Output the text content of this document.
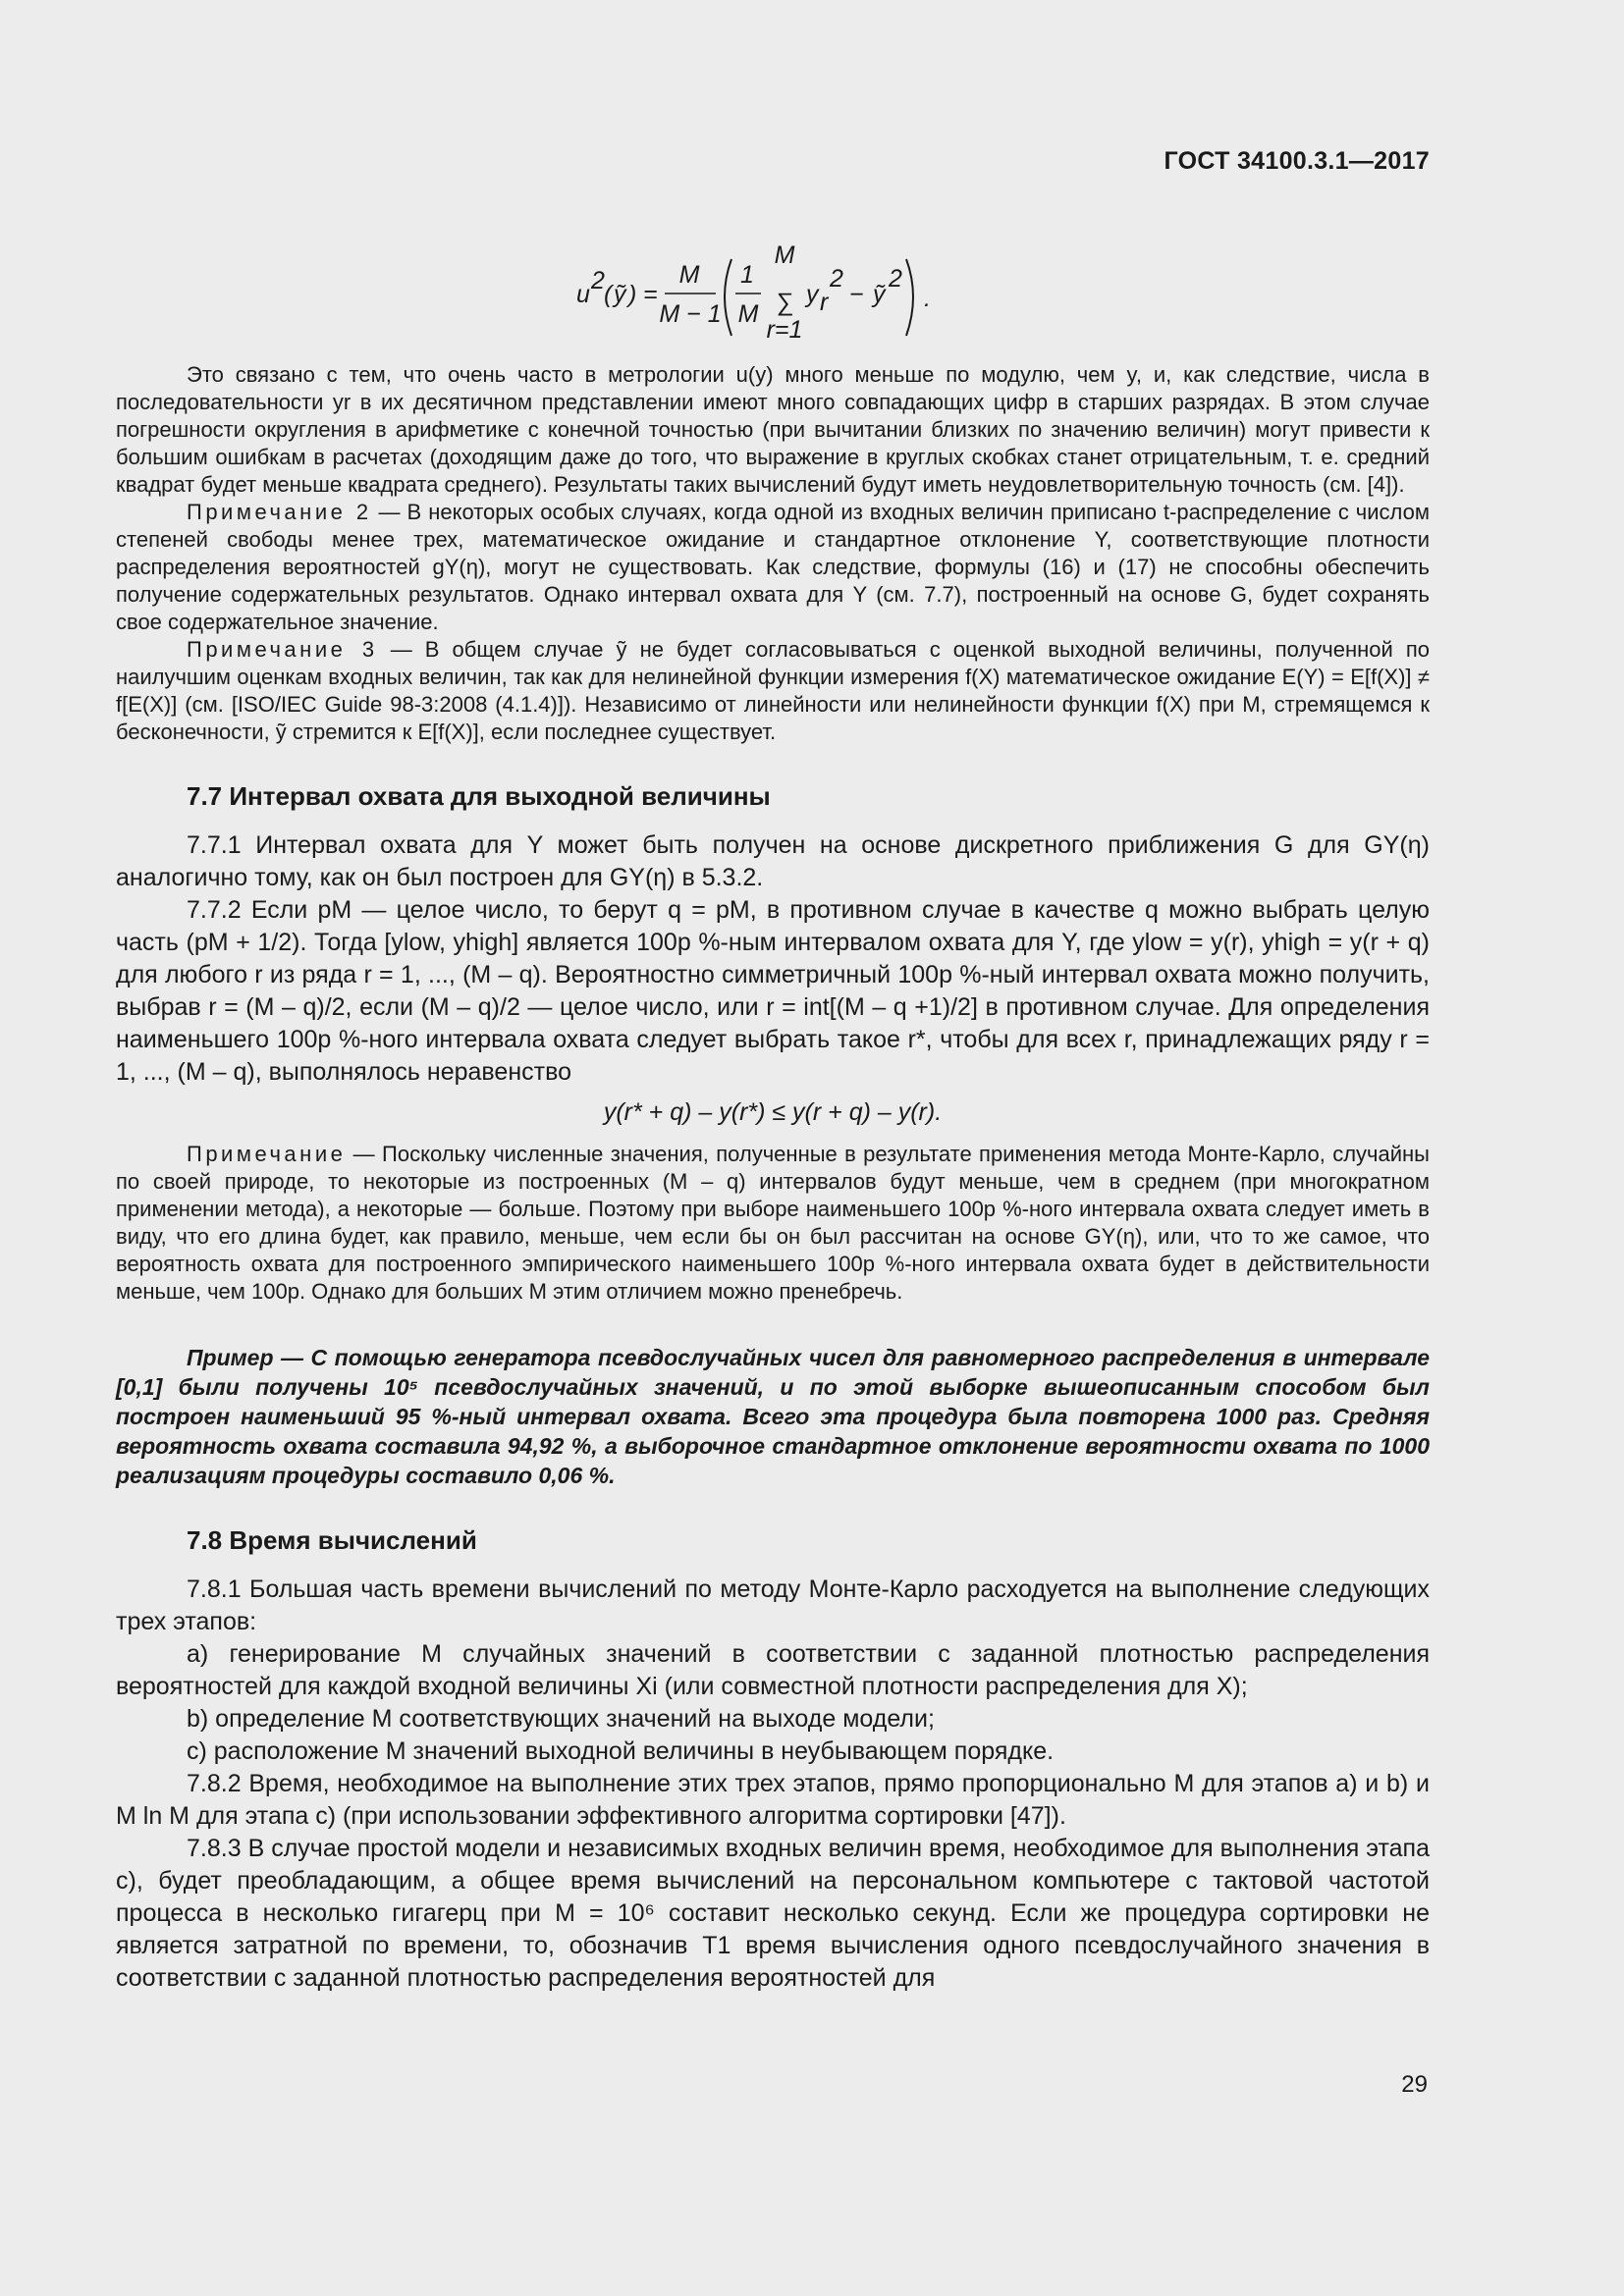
ГОСТ 34100.3.1—2017
u 2 ( ỹ ) =
M
M − 1
1
M
M
∑
r=1
y r
2
− ỹ
2
.

Это связано с тем, что очень часто в метрологии u(y) много меньше по модулю, чем y, и, как следствие, числа в последовательности yr в их десятичном представлении имеют много совпадающих цифр в старших разрядах. В этом случае погрешности округления в арифметике с конечной точностью (при вычитании близких по значению величин) могут привести к большим ошибкам в расчетах (доходящим даже до того, что выражение в круглых скобках станет отрицательным, т. е. средний квадрат будет меньше квадрата среднего). Результаты таких вычислений будут иметь неудовлетворительную точность (см. [4]).

Примечание 2 — В некоторых особых случаях, когда одной из входных величин приписано t-распределение с числом степеней свободы менее трех, математическое ожидание и стандартное отклонение Y, соответствующие плотности распределения вероятностей gY(η), могут не существовать. Как следствие, формулы (16) и (17) не способны обеспечить получение содержательных результатов. Однако интервал охвата для Y (см. 7.7), построенный на основе G, будет сохранять свое содержательное значение.

Примечание 3 — В общем случае ỹ не будет согласовываться с оценкой выходной величины, полученной по наилучшим оценкам входных величин, так как для нелинейной функции измерения f(X) математическое ожидание E(Y) = E[f(X)] ≠ f[E(X)] (см. [ISO/IEC Guide 98-3:2008 (4.1.4)]). Независимо от линейности или нелинейности функции f(X) при M, стремящемся к бесконечности, ỹ стремится к E[f(X)], если последнее существует.

7.7 Интервал охвата для выходной величины

7.7.1 Интервал охвата для Y может быть получен на основе дискретного приближения G для GY(η) аналогично тому, как он был построен для GY(η) в 5.3.2.

7.7.2 Если pM — целое число, то берут q = pM, в противном случае в качестве q можно выбрать целую часть (pM + 1/2). Тогда [ylow, yhigh] является 100p %-ным интервалом охвата для Y, где ylow = y(r), yhigh = y(r + q) для любого r из ряда r = 1, ..., (M – q). Вероятностно симметричный 100p %-ный интервал охвата можно получить, выбрав r = (M – q)/2, если (M – q)/2 — целое число, или r = int[(M – q +1)/2] в противном случае. Для определения наименьшего 100p %-ного интервала охвата следует выбрать такое r*, чтобы для всех r, принадлежащих ряду r = 1, ..., (M – q), выполнялось неравенство

y(r* + q) – y(r*) ≤ y(r + q) – y(r).

Примечание — Поскольку численные значения, полученные в результате применения метода Монте-Карло, случайны по своей природе, то некоторые из построенных (M – q) интервалов будут меньше, чем в среднем (при многократном применении метода), а некоторые — больше. Поэтому при выборе наименьшего 100p %-ного интервала охвата следует иметь в виду, что его длина будет, как правило, меньше, чем если бы он был рассчитан на основе GY(η), или, что то же самое, что вероятность охвата для построенного эмпирического наименьшего 100p %-ного интервала охвата будет в действительности меньше, чем 100p. Однако для больших M этим отличием можно пренебречь.

Пример — С помощью генератора псевдослучайных чисел для равномерного распределения в интервале [0,1] были получены 10⁵ псевдослучайных значений, и по этой выборке вышеописанным способом был построен наименьший 95 %-ный интервал охвата. Всего эта процедура была повторена 1000 раз. Средняя вероятность охвата составила 94,92 %, а выборочное стандартное отклонение вероятности охвата по 1000 реализациям процедуры составило 0,06 %.

7.8 Время вычислений

7.8.1 Большая часть времени вычислений по методу Монте-Карло расходуется на выполнение следующих трех этапов:

a) генерирование M случайных значений в соответствии с заданной плотностью распределения вероятностей для каждой входной величины Xi (или совместной плотности распределения для X);

b) определение M соответствующих значений на выходе модели;

c) расположение M значений выходной величины в неубывающем порядке.

7.8.2 Время, необходимое на выполнение этих трех этапов, прямо пропорционально M для этапов a) и b) и M ln M для этапа c) (при использовании эффективного алгоритма сортировки [47]).

7.8.3 В случае простой модели и независимых входных величин время, необходимое для выполнения этапа c), будет преобладающим, а общее время вычислений на персональном компьютере с тактовой частотой процесса в несколько гигагерц при M = 10⁶ составит несколько секунд. Если же процедура сортировки не является затратной по времени, то, обозначив T1 время вычисления одного псевдослучайного значения в соответствии с заданной плотностью распределения вероятностей для

29
